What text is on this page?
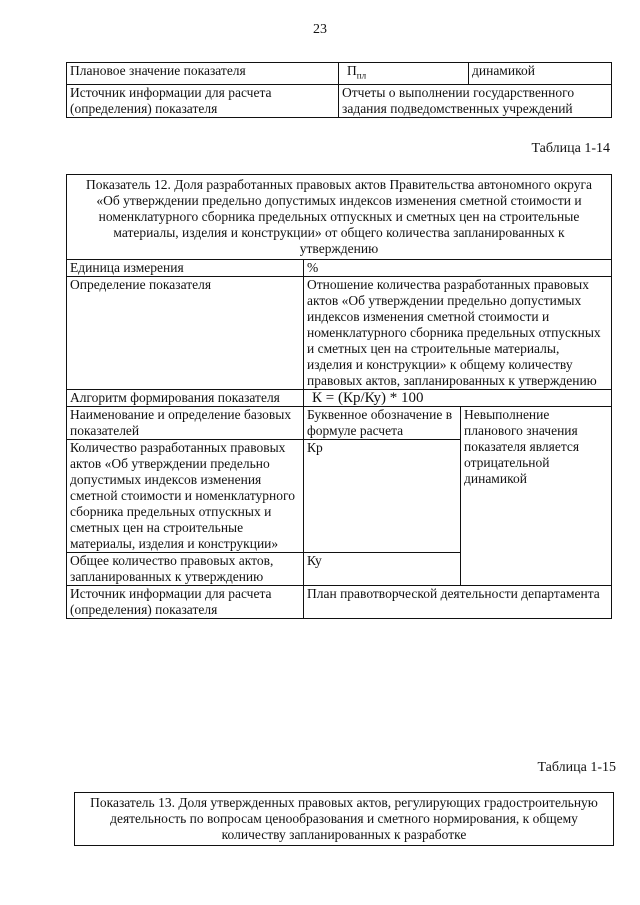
23
Плановое значение показателя	$П_{пл}$	динамикой
Источник информации для расчета (определения) показателя	Отчеты о выполнении государственного задания подведомственных учреждений	
Таблица 1-14
Показатель 12. Доля разработанных правовых актов Правительства автономного округа «Об утверждении предельно допустимых индексов изменения сметной стоимости и номенклатурного сборника предельных отпускных и сметных цен на строительные материалы, изделия и конструкции» от общего количества запланированных к утверждению		
Единица измерения	%	
Определение показателя	Отношение количества разработанных правовых актов «Об утверждении предельно допустимых индексов изменения сметной стоимости и номенклатурного сборника предельных отпускных и сметных цен на строительные материалы, изделия и конструкции» к общему количеству правовых актов, запланированных к утверждению	
Алгоритм формирования показателя	К = (Кр/Ку) * 100	
Наименование и определение базовых показателей	Буквенное обозначение в формуле расчета	Невыполнение планового значения показателя является отрицательной динамикой
Количество разработанных правовых актов «Об утверждении предельно допустимых индексов изменения сметной стоимости и номенклатурного сборника предельных отпускных и сметных цен на строительные материалы, изделия и конструкции»	Кр	
Общее количество правовых актов, запланированных к утверждению	Ку	
Источник информации для расчета (определения) показателя	План правотворческой деятельности департамента	
Таблица 1-15
Показатель 13. Доля утвержденных правовых актов, регулирующих градостроительную деятельность по вопросам ценообразования и сметного нормирования, к общему количеству запланированных к разработке
